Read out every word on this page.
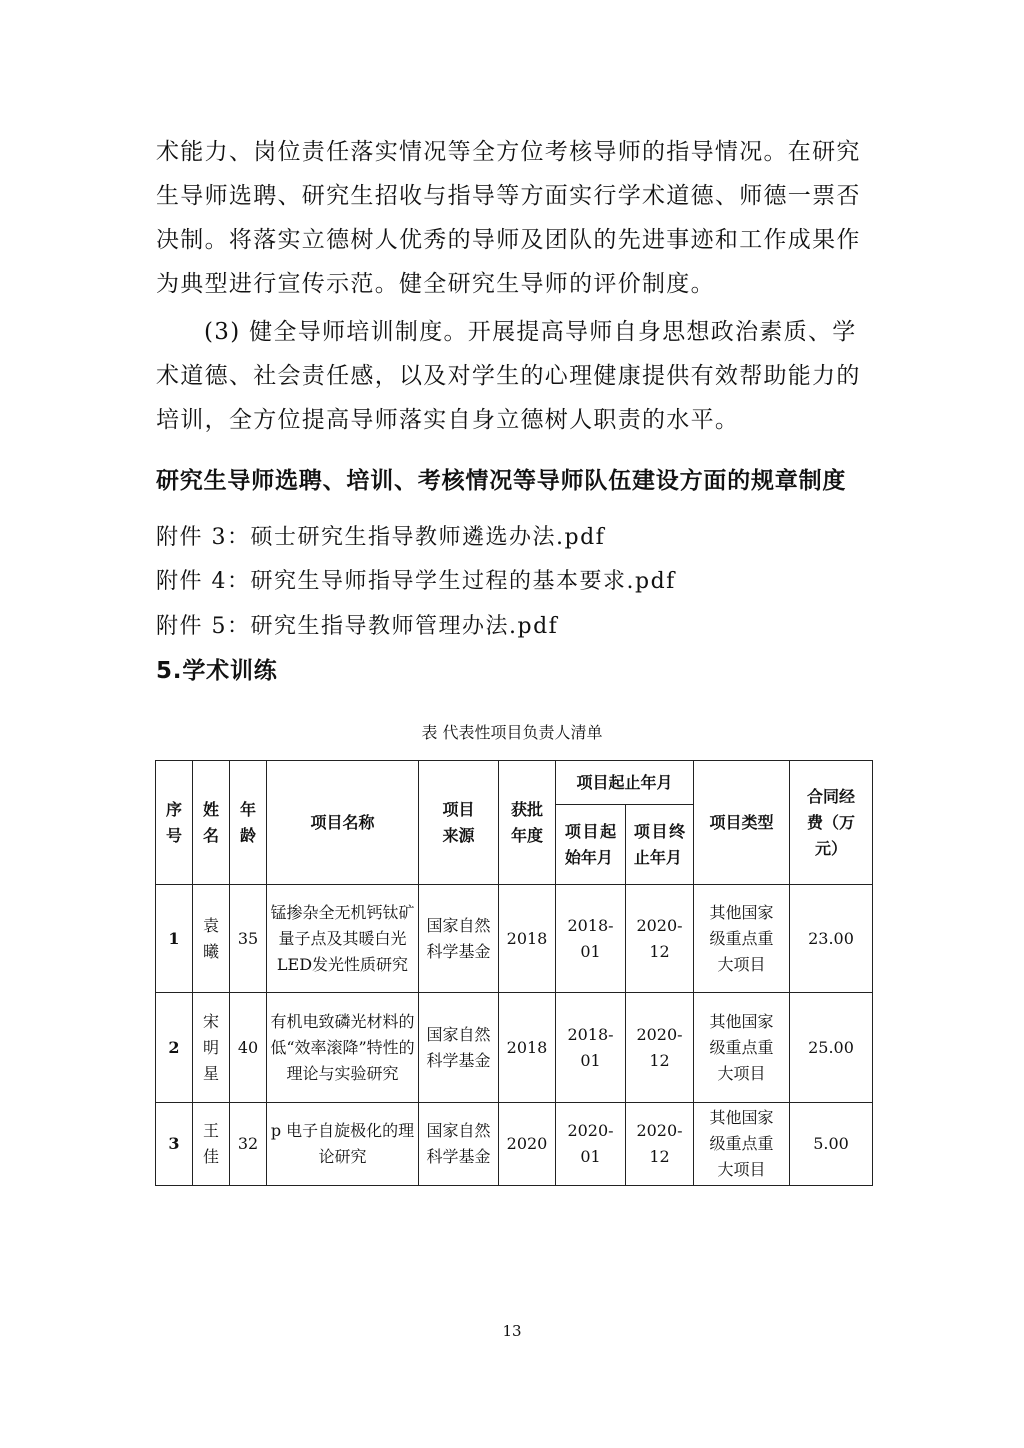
术能力、岗位责任落实情况等全方位考核导师的指导情况。在研究生导师选聘、研究生招收与指导等方面实行学术道德、师德一票否决制。将落实立德树人优秀的导师及团队的先进事迹和工作成果作为典型进行宣传示范。健全研究生导师的评价制度。

(3) 健全导师培训制度。开展提高导师自身思想政治素质、学术道德、社会责任感，以及对学生的心理健康提供有效帮助能力的培训，全方位提高导师落实自身立德树人职责的水平。

研究生导师选聘、培训、考核情况等导师队伍建设方面的规章制度
附件 3：硕士研究生指导教师遴选办法.pdf
附件 4：研究生导师指导学生过程的基本要求.pdf
附件 5：研究生指导教师管理办法.pdf
5.学术训练
表 代表性项目负责人清单
序号	姓名	年龄	项目名称	项目来源	获批年度	项目起止年月		项目类型	合同经费（万元）
						项目起始年月	项目终止年月		
1	袁曦	35	锰掺杂全无机钙钛矿量子点及其暖白光LED发光性质研究	国家自然科学基金	2018	2018-01	2020-12	其他国家级重点重大项目	23.00
2	宋明星	40	有机电致磷光材料的低“效率滚降”特性的理论与实验研究	国家自然科学基金	2018	2018-01	2020-12	其他国家级重点重大项目	25.00
3	王佳	32	p 电子自旋极化的理论研究	国家自然科学基金	2020	2020-01	2020-12	其他国家级重点重大项目	5.00
13
